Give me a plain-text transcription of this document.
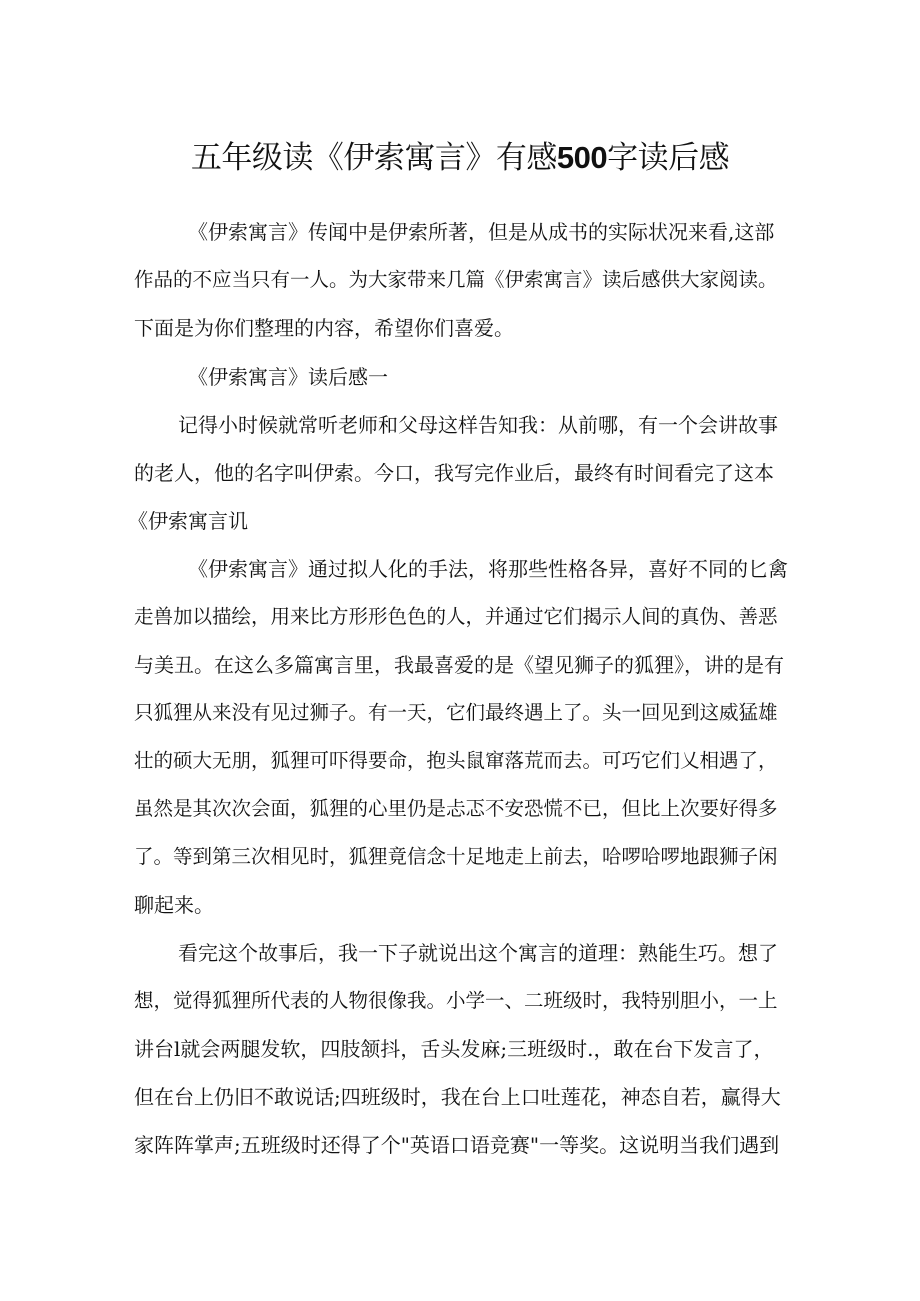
五年级读《伊索寓言》有感500字读后感
《伊索寓言》传闻中是伊索所著，但是从成书的实际状况来看,这部
作品的不应当只有一人。为大家带来几篇《伊索寓言》读后感供大家阅读。
下面是为你们整理的内容，希望你们喜爱。
《伊索寓言》读后感一
记得小时候就常听老师和父母这样告知我：从前哪，有一个会讲故事
的老人，他的名字叫伊索。今口，我写完作业后，最终有时间看完了这本
《伊索寓言讥
《伊索寓言》通过拟人化的手法，将那些性格各异，喜好不同的匕禽
走兽加以描绘，用来比方形形色色的人，并通过它们揭示人间的真伪、善恶
与美丑。在这么多篇寓言里，我最喜爱的是《望见狮子的狐狸》，讲的是有
只狐狸从来没有见过狮子。有一天，它们最终遇上了。头一回见到这威猛雄
壮的硕大无朋，狐狸可吓得要命，抱头鼠窜落荒而去。可巧它们乂相遇了，
虽然是其次次会面，狐狸的心里仍是忐忑不安恐慌不已，但比上次要好得多
了。等到第三次相见时，狐狸竟信念十足地走上前去，哈啰哈啰地跟狮子闲
聊起来。
看完这个故事后，我一下子就说出这个寓言的道理：熟能生巧。想了
想，觉得狐狸所代表的人物很像我。小学一、二班级时，我特别胆小，一上
讲台l就会两腿发软，四肢颔抖，舌头发麻;三班级时.，敢在台下发言了，
但在台上仍旧不敢说话;四班级时，我在台上口吐莲花，神态自若，赢得大
家阵阵掌声;五班级时还得了个"英语口语竞赛"一等奖。这说明当我们遇到
